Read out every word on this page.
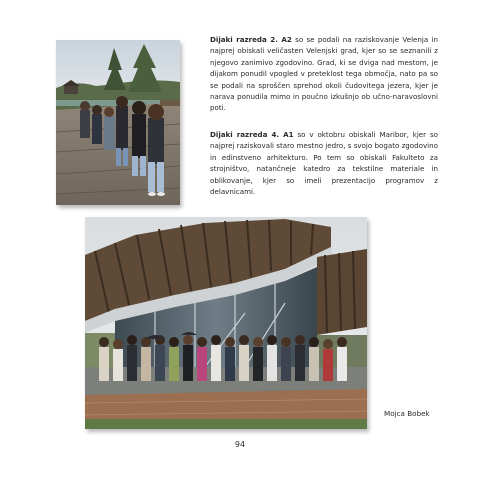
Dijaki razreda 2. A2 so se podali na raziskovanje Velenja in najprej obiskali veličasten Velenjski grad, kjer so se seznanili z njegovo zanimivo zgodovino. Grad, ki se dviga nad mestom, je dijakom ponudil vpogled v preteklost tega območja, nato pa so se podali na sproščen sprehod okoli čudovitega jezera, kjer je narava ponudila mimo in poučno izkušnjo ob učno-naravoslovni poti.

Dijaki razreda 4. A1 so v oktobru obiskali Maribor, kjer so najprej raziskovali staro mestno jedro, s svojo bogato zgodovino in edinstveno arhitekturo. Po tem so obiskali Fakulteto za strojništvo, natančneje katedro za tekstilne materiale in oblikovanje, kjer so imeli prezentacijo programov z delavnicami.

Mojca Bobek
94
